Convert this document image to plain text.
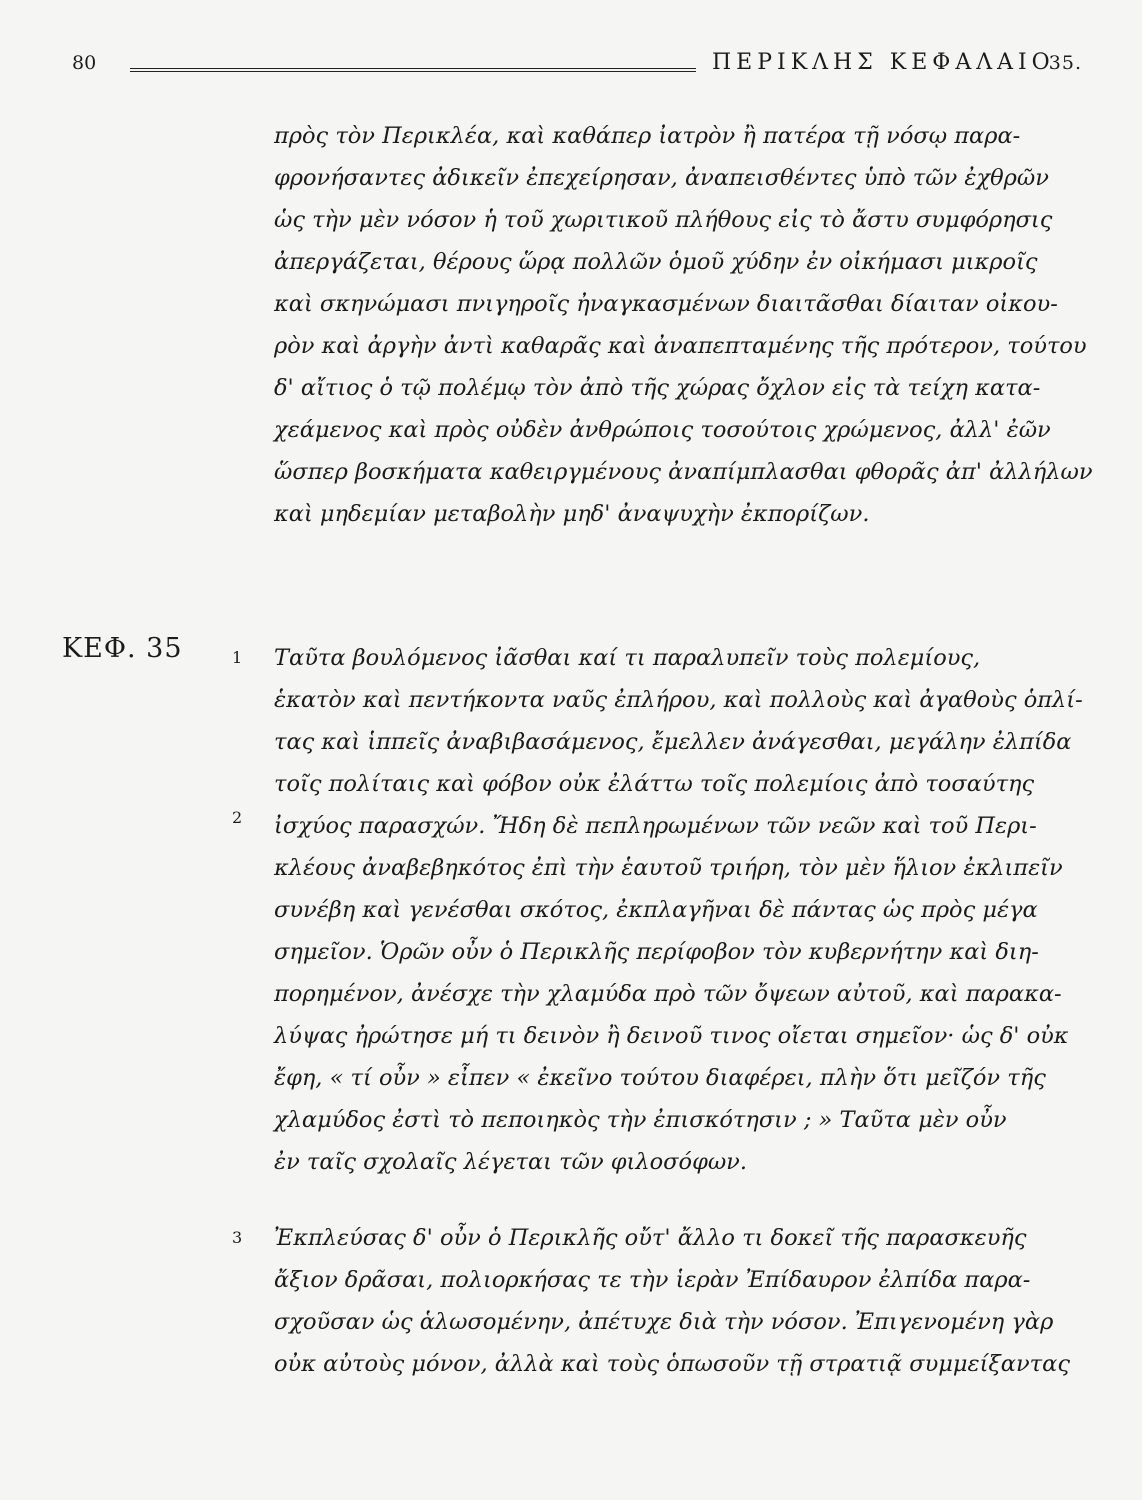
80	ΠΕΡΙΚΛΗΣ ΚΕΦΑΛΑΙΟ
35.
ΚΕΦ. 35	1
2
3
πρὸς τὸν Περικλέα, καὶ καθάπερ ἰατρὸν ἢ πατέρα τῇ νόσῳ παρα-
φρονήσαντες ἀδικεῖν ἐπεχείρησαν, ἀναπεισθέντες ὑπὸ τῶν ἐχθρῶν
ὡς τὴν μὲν νόσον ἡ τοῦ χωριτικοῦ πλήθους εἰς τὸ ἄστυ συμφόρησις
ἀπεργάζεται, θέρους ὥρᾳ πολλῶν ὁμοῦ χύδην ἐν οἰκήμασι μικροῖς
καὶ σκηνώμασι πνιγηροῖς ἠναγκασμένων διαιτᾶσθαι δίαιταν οἰκου-
ρὸν καὶ ἀργὴν ἀντὶ καθαρᾶς καὶ ἀναπεπταμένης τῆς πρότερον, τούτου
δ' αἴτιος ὁ τῷ πολέμῳ τὸν ἀπὸ τῆς χώρας ὄχλον εἰς τὰ τείχη κατα-
χεάμενος καὶ πρὸς οὐδὲν ἀνθρώποις τοσούτοις χρώμενος, ἀλλ' ἐῶν
ὥσπερ βοσκήματα καθειργμένους ἀναπίμπλασθαι φθορᾶς ἀπ' ἀλλήλων
καὶ μηδεμίαν μεταβολὴν μηδ' ἀναψυχὴν ἐκπορίζων.
Ταῦτα βουλόμενος ἰᾶσθαι καί τι παραλυπεῖν τοὺς πολεμίους,
ἑκατὸν καὶ πεντήκοντα ναῦς ἐπλήρου, καὶ πολλοὺς καὶ ἀγαθοὺς ὁπλί-
τας καὶ ἱππεῖς ἀναβιβασάμενος, ἔμελλεν ἀνάγεσθαι, μεγάλην ἐλπίδα
τοῖς πολίταις καὶ φόβον οὐκ ἐλάττω τοῖς πολεμίοις ἀπὸ τοσαύτης
ἰσχύος παρασχών. Ἤδη δὲ πεπληρωμένων τῶν νεῶν καὶ τοῦ Περι-
κλέους ἀναβεβηκότος ἐπὶ τὴν ἑαυτοῦ τριήρη, τὸν μὲν ἥλιον ἐκλιπεῖν
συνέβη καὶ γενέσθαι σκότος, ἐκπλαγῆναι δὲ πάντας ὡς πρὸς μέγα
σημεῖον. Ὁρῶν οὖν ὁ Περικλῆς περίφοβον τὸν κυβερνήτην καὶ διη-
πορημένον, ἀνέσχε τὴν χλαμύδα πρὸ τῶν ὄψεων αὐτοῦ, καὶ παρακα-
λύψας ἠρώτησε μή τι δεινὸν ἢ δεινοῦ τινος οἴεται σημεῖον· ὡς δ' οὐκ
ἔφη, « τί οὖν » εἶπεν « ἐκεῖνο τούτου διαφέρει, πλὴν ὅτι μεῖζόν τῆς
χλαμύδος ἐστὶ τὸ πεποιηκὸς τὴν ἐπισκότησιν ; » Ταῦτα μὲν οὖν
ἐν ταῖς σχολαῖς λέγεται τῶν φιλοσόφων.
Ἐκπλεύσας δ' οὖν ὁ Περικλῆς οὔτ' ἄλλο τι δοκεῖ τῆς παρασκευῆς
ἄξιον δρᾶσαι, πολιορκήσας τε τὴν ἱερὰν Ἐπίδαυρον ἐλπίδα παρα-
σχοῦσαν ὡς ἁλωσομένην, ἀπέτυχε διὰ τὴν νόσον. Ἐπιγενομένη γὰρ
οὐκ αὐτοὺς μόνον, ἀλλὰ καὶ τοὺς ὁπωσοῦν τῇ στρατιᾷ συμμείξαντας
